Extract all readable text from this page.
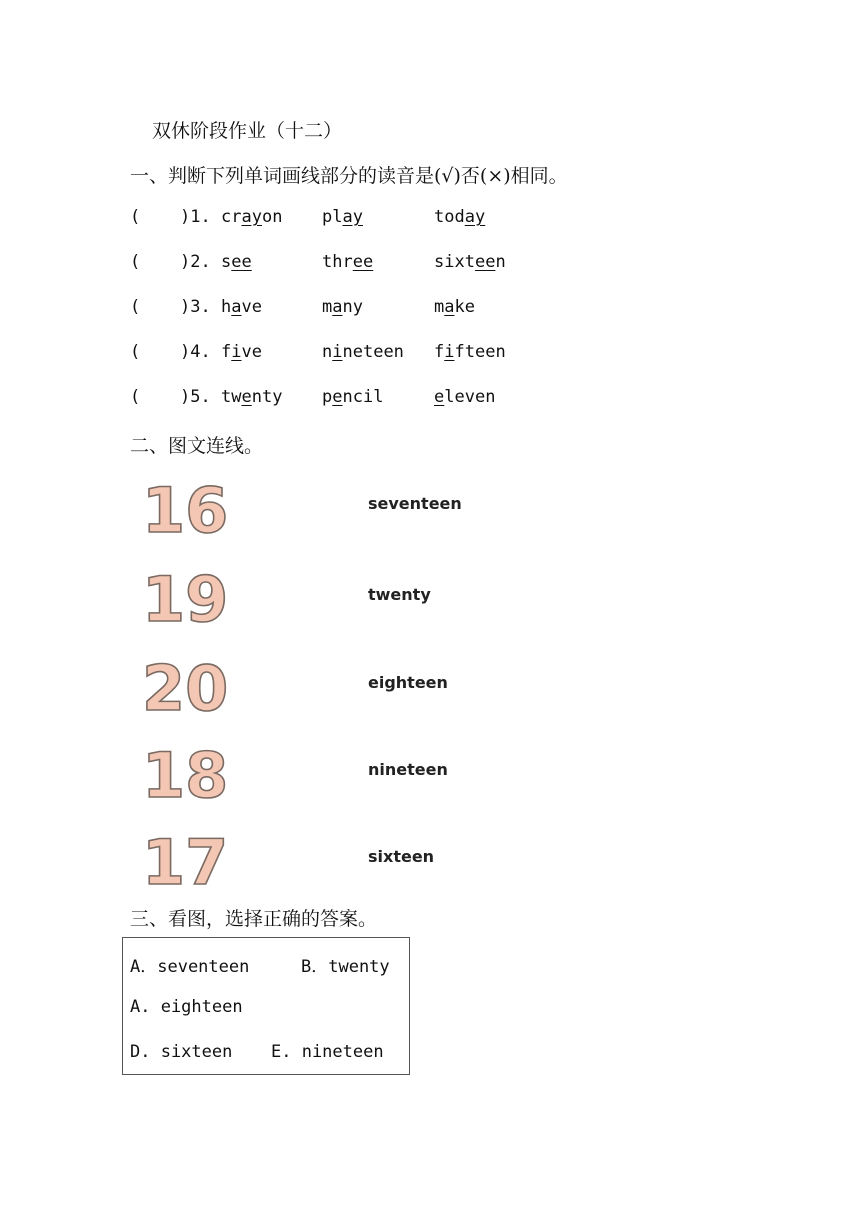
双休阶段作业（十二）
一、判断下列单词画线部分的读音是(√)否(×)相同。
( )1. crayon play	today
( )2. see	three	sixteen
( )3. have	many	make
( )4. five	nineteen fifteen
( )5. twenty pencil	eleven
二、图文连线。
16	seventeen
19	twenty
20	eighteen
18	nineteen
17	sixteen
三、看图，选择正确的答案。
A．seventeen	B．twenty
A. eighteen
D. sixteen E. nineteen
